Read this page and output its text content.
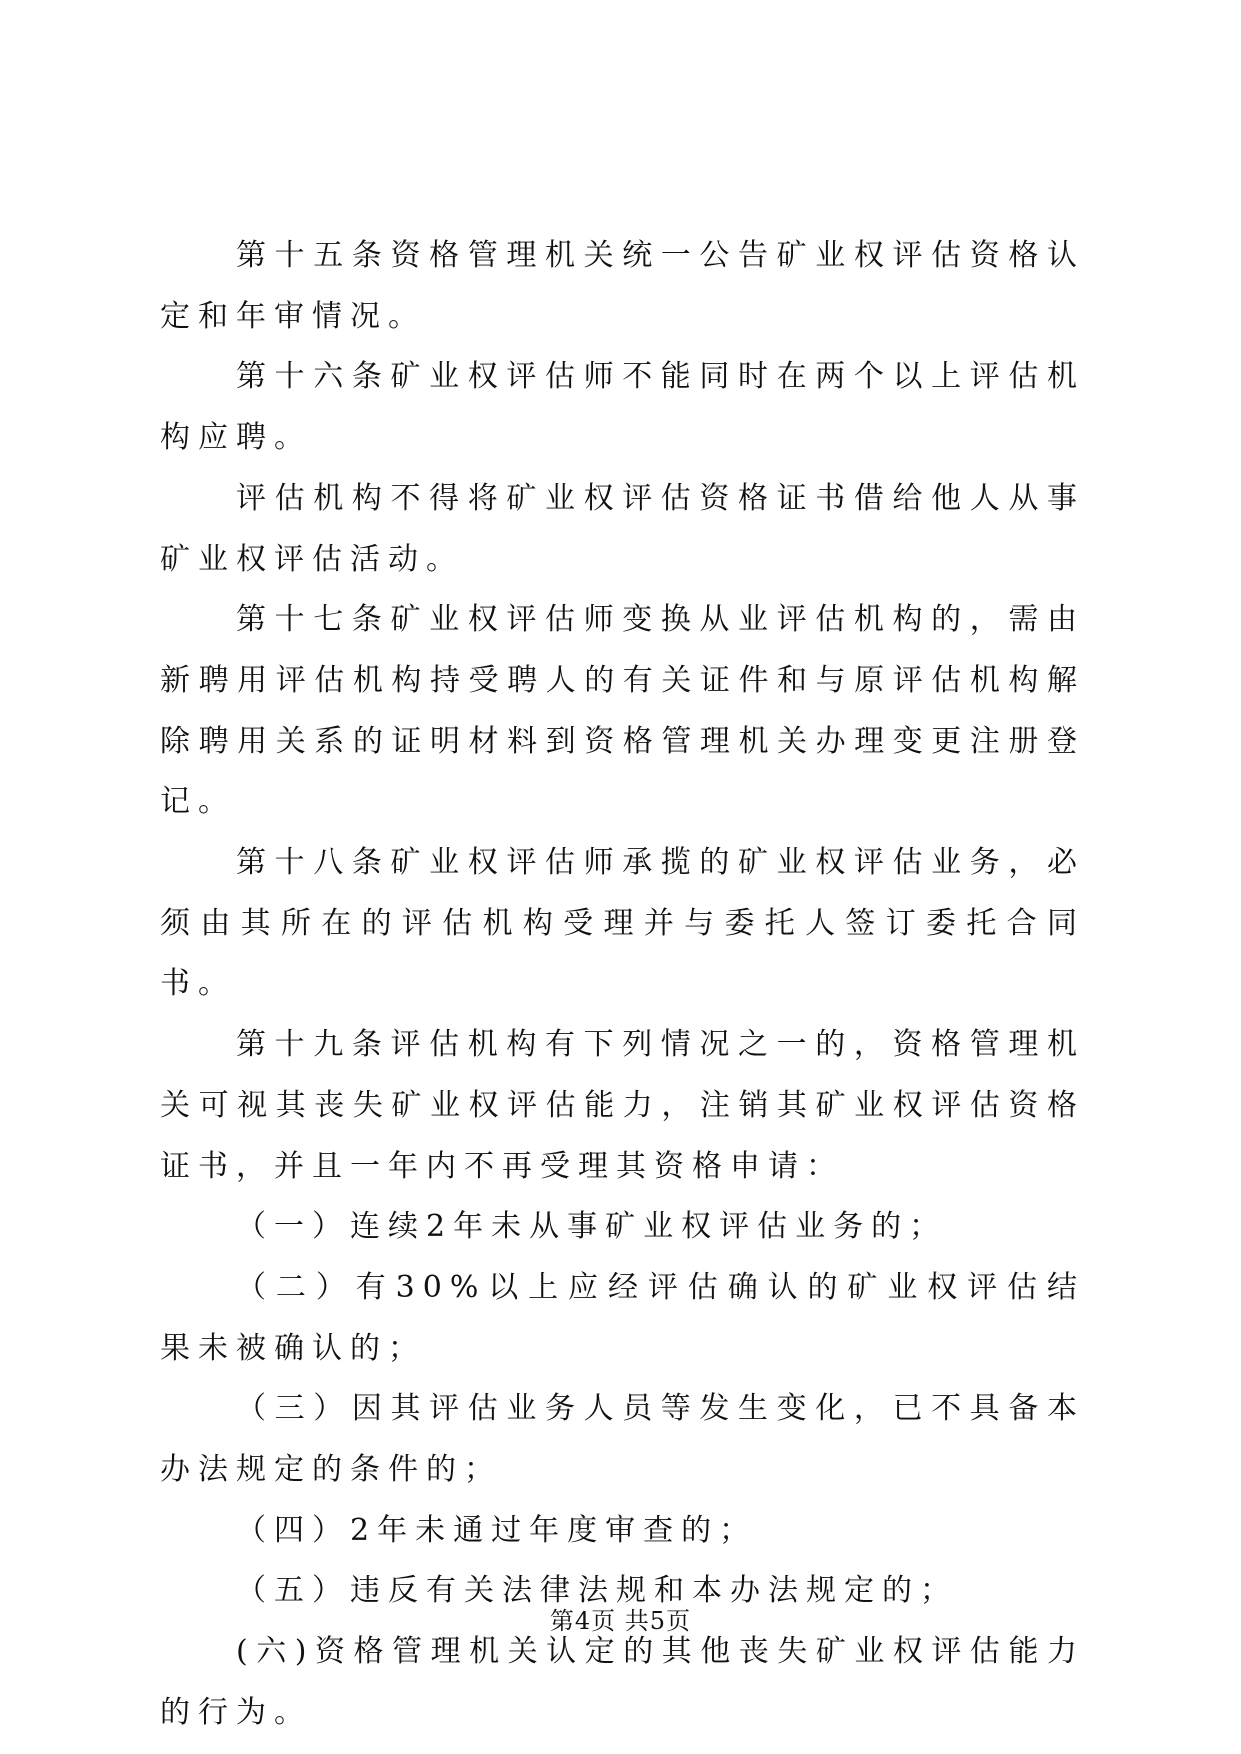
第十五条资格管理机关统一公告矿业权评估资格认定和年审情况。

第十六条矿业权评估师不能同时在两个以上评估机构应聘。

评估机构不得将矿业权评估资格证书借给他人从事矿业权评估活动。

第十七条矿业权评估师变换从业评估机构的，需由新聘用评估机构持受聘人的有关证件和与原评估机构解除聘用关系的证明材料到资格管理机关办理变更注册登记。

第十八条矿业权评估师承揽的矿业权评估业务，必须由其所在的评估机构受理并与委托人签订委托合同书。

第十九条评估机构有下列情况之一的，资格管理机关可视其丧失矿业权评估能力，注销其矿业权评估资格证书，并且一年内不再受理其资格申请：

（一）连续2年未从事矿业权评估业务的；

（二）有30%以上应经评估确认的矿业权评估结果未被确认的；

（三）因其评估业务人员等发生变化，已不具备本办法规定的条件的；

（四）2年未通过年度审查的；

（五）违反有关法律法规和本办法规定的；

(六)资格管理机关认定的其他丧失矿业权评估能力的行为。

第4页 共5页
